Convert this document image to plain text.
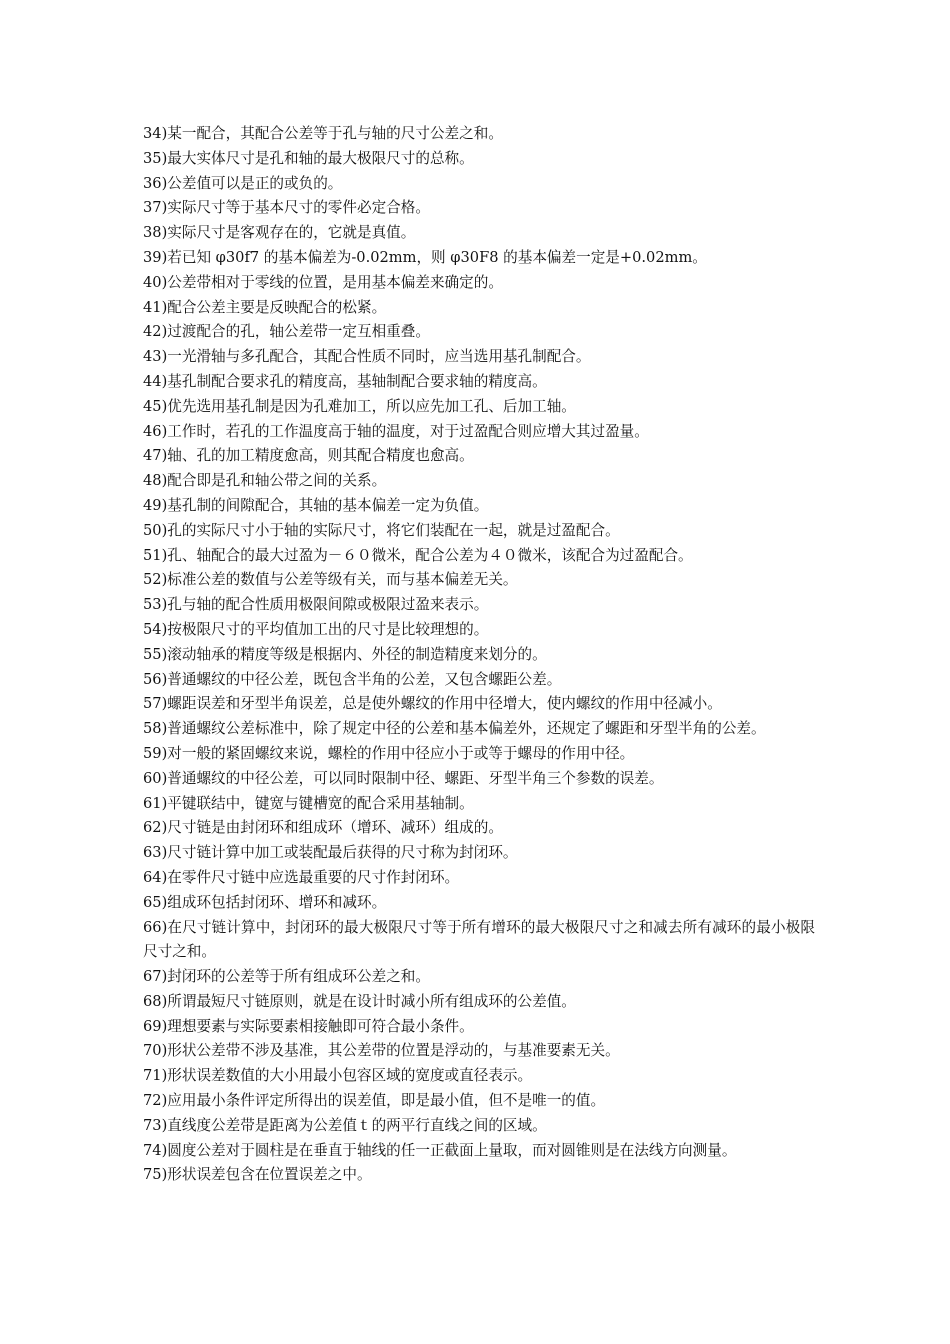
34)某一配合，其配合公差等于孔与轴的尺寸公差之和。

35)最大实体尺寸是孔和轴的最大极限尺寸的总称。

36)公差值可以是正的或负的。

37)实际尺寸等于基本尺寸的零件必定合格。

38)实际尺寸是客观存在的，它就是真值。

39)若已知 φ30f7 的基本偏差为-0.02mm，则 φ30F8 的基本偏差一定是+0.02mm。

40)公差带相对于零线的位置，是用基本偏差来确定的。

41)配合公差主要是反映配合的松紧。

42)过渡配合的孔，轴公差带一定互相重叠。

43)一光滑轴与多孔配合，其配合性质不同时，应当选用基孔制配合。

44)基孔制配合要求孔的精度高，基轴制配合要求轴的精度高。

45)优先选用基孔制是因为孔难加工，所以应先加工孔、后加工轴。

46)工作时，若孔的工作温度高于轴的温度，对于过盈配合则应增大其过盈量。

47)轴、孔的加工精度愈高，则其配合精度也愈高。

48)配合即是孔和轴公带之间的关系。

49)基孔制的间隙配合，其轴的基本偏差一定为负值。

50)孔的实际尺寸小于轴的实际尺寸，将它们装配在一起，就是过盈配合。

51)孔、轴配合的最大过盈为－６０微米，配合公差为４０微米，该配合为过盈配合。

52)标准公差的数值与公差等级有关，而与基本偏差无关。

53)孔与轴的配合性质用极限间隙或极限过盈来表示。

54)按极限尺寸的平均值加工出的尺寸是比较理想的。

55)滚动轴承的精度等级是根据内、外径的制造精度来划分的。

56)普通螺纹的中径公差，既包含半角的公差，又包含螺距公差。

57)螺距误差和牙型半角误差，总是使外螺纹的作用中径增大，使内螺纹的作用中径减小。

58)普通螺纹公差标准中，除了规定中径的公差和基本偏差外，还规定了螺距和牙型半角的公差。

59)对一般的紧固螺纹来说，螺栓的作用中径应小于或等于螺母的作用中径。

60)普通螺纹的中径公差，可以同时限制中径、螺距、牙型半角三个参数的误差。

61)平键联结中，键宽与键槽宽的配合采用基轴制。

62)尺寸链是由封闭环和组成环（增环、减环）组成的。

63)尺寸链计算中加工或装配最后获得的尺寸称为封闭环。

64)在零件尺寸链中应选最重要的尺寸作封闭环。

65)组成环包括封闭环、增环和减环。

66)在尺寸链计算中，封闭环的最大极限尺寸等于所有增环的最大极限尺寸之和减去所有减环的最小极限尺寸之和。

67)封闭环的公差等于所有组成环公差之和。

68)所谓最短尺寸链原则，就是在设计时减小所有组成环的公差值。

69)理想要素与实际要素相接触即可符合最小条件。

70)形状公差带不涉及基准，其公差带的位置是浮动的，与基准要素无关。

71)形状误差数值的大小用最小包容区域的宽度或直径表示。

72)应用最小条件评定所得出的误差值，即是最小值，但不是唯一的值。

73)直线度公差带是距离为公差值ｔ的两平行直线之间的区域。

74)圆度公差对于圆柱是在垂直于轴线的任一正截面上量取，而对圆锥则是在法线方向测量。

75)形状误差包含在位置误差之中。
